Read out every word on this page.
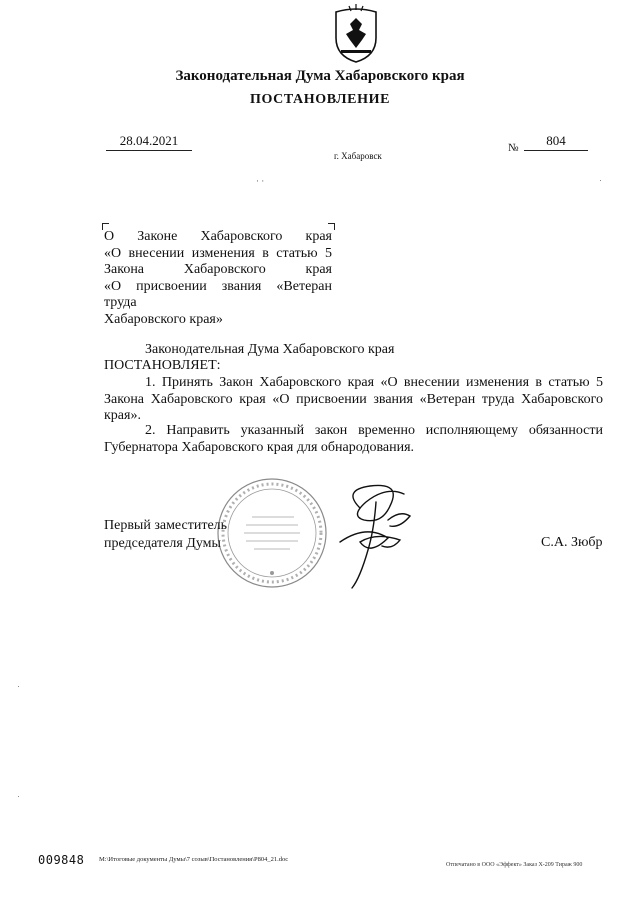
Законодательная Дума Хабаровского края
ПОСТАНОВЛЕНИЕ
28.04.2021	№	804
г. Хабаровск
· ·
О Законе Хабаровского края
«О внесении изменения в статью 5
Закона Хабаровского края
«О присвоении звания «Ветеран труда
Хабаровского края»
Законодательная Дума Хабаровского края
ПОСТАНОВЛЯЕТ:
1. Принять Закон Хабаровского края «О внесении изменения в статью 5 Закона Хабаровского края «О присвоении звания «Ветеран труда Хабаровского края».
2. Направить указанный закон временно исполняющему обязанности Губернатора Хабаровского края для обнародования.
Первый заместитель
председателя Думы	С.А. Зюбр
009848 M:\Итоговые документы Думы\7 созыв\Постановления\P804_21.doc
Отпечатано в ООО «Эффект» Заказ Х-209 Тираж 900
